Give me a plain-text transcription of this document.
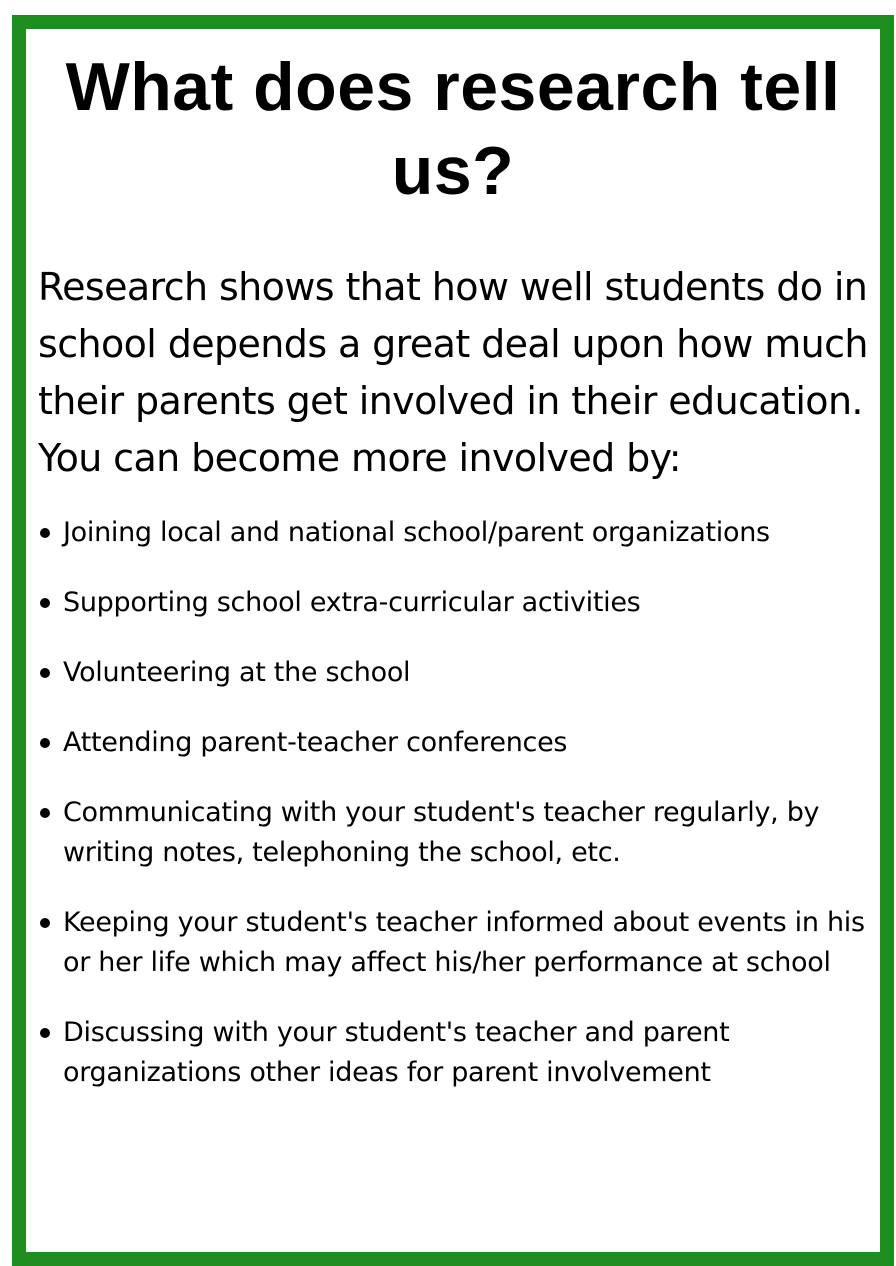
What does research tell us?

Research shows that how well students do in school depends a great deal upon how much their parents get involved in their education. You can become more involved by:

Joining local and national school/parent organizations
Supporting school extra-curricular activities
Volunteering at the school
Attending parent-teacher conferences
Communicating with your student's teacher regularly, by writing notes, telephoning the school, etc.
Keeping your student's teacher informed about events in his or her life which may affect his/her performance at school
Discussing with your student's teacher and parent organizations other ideas for parent involvement
